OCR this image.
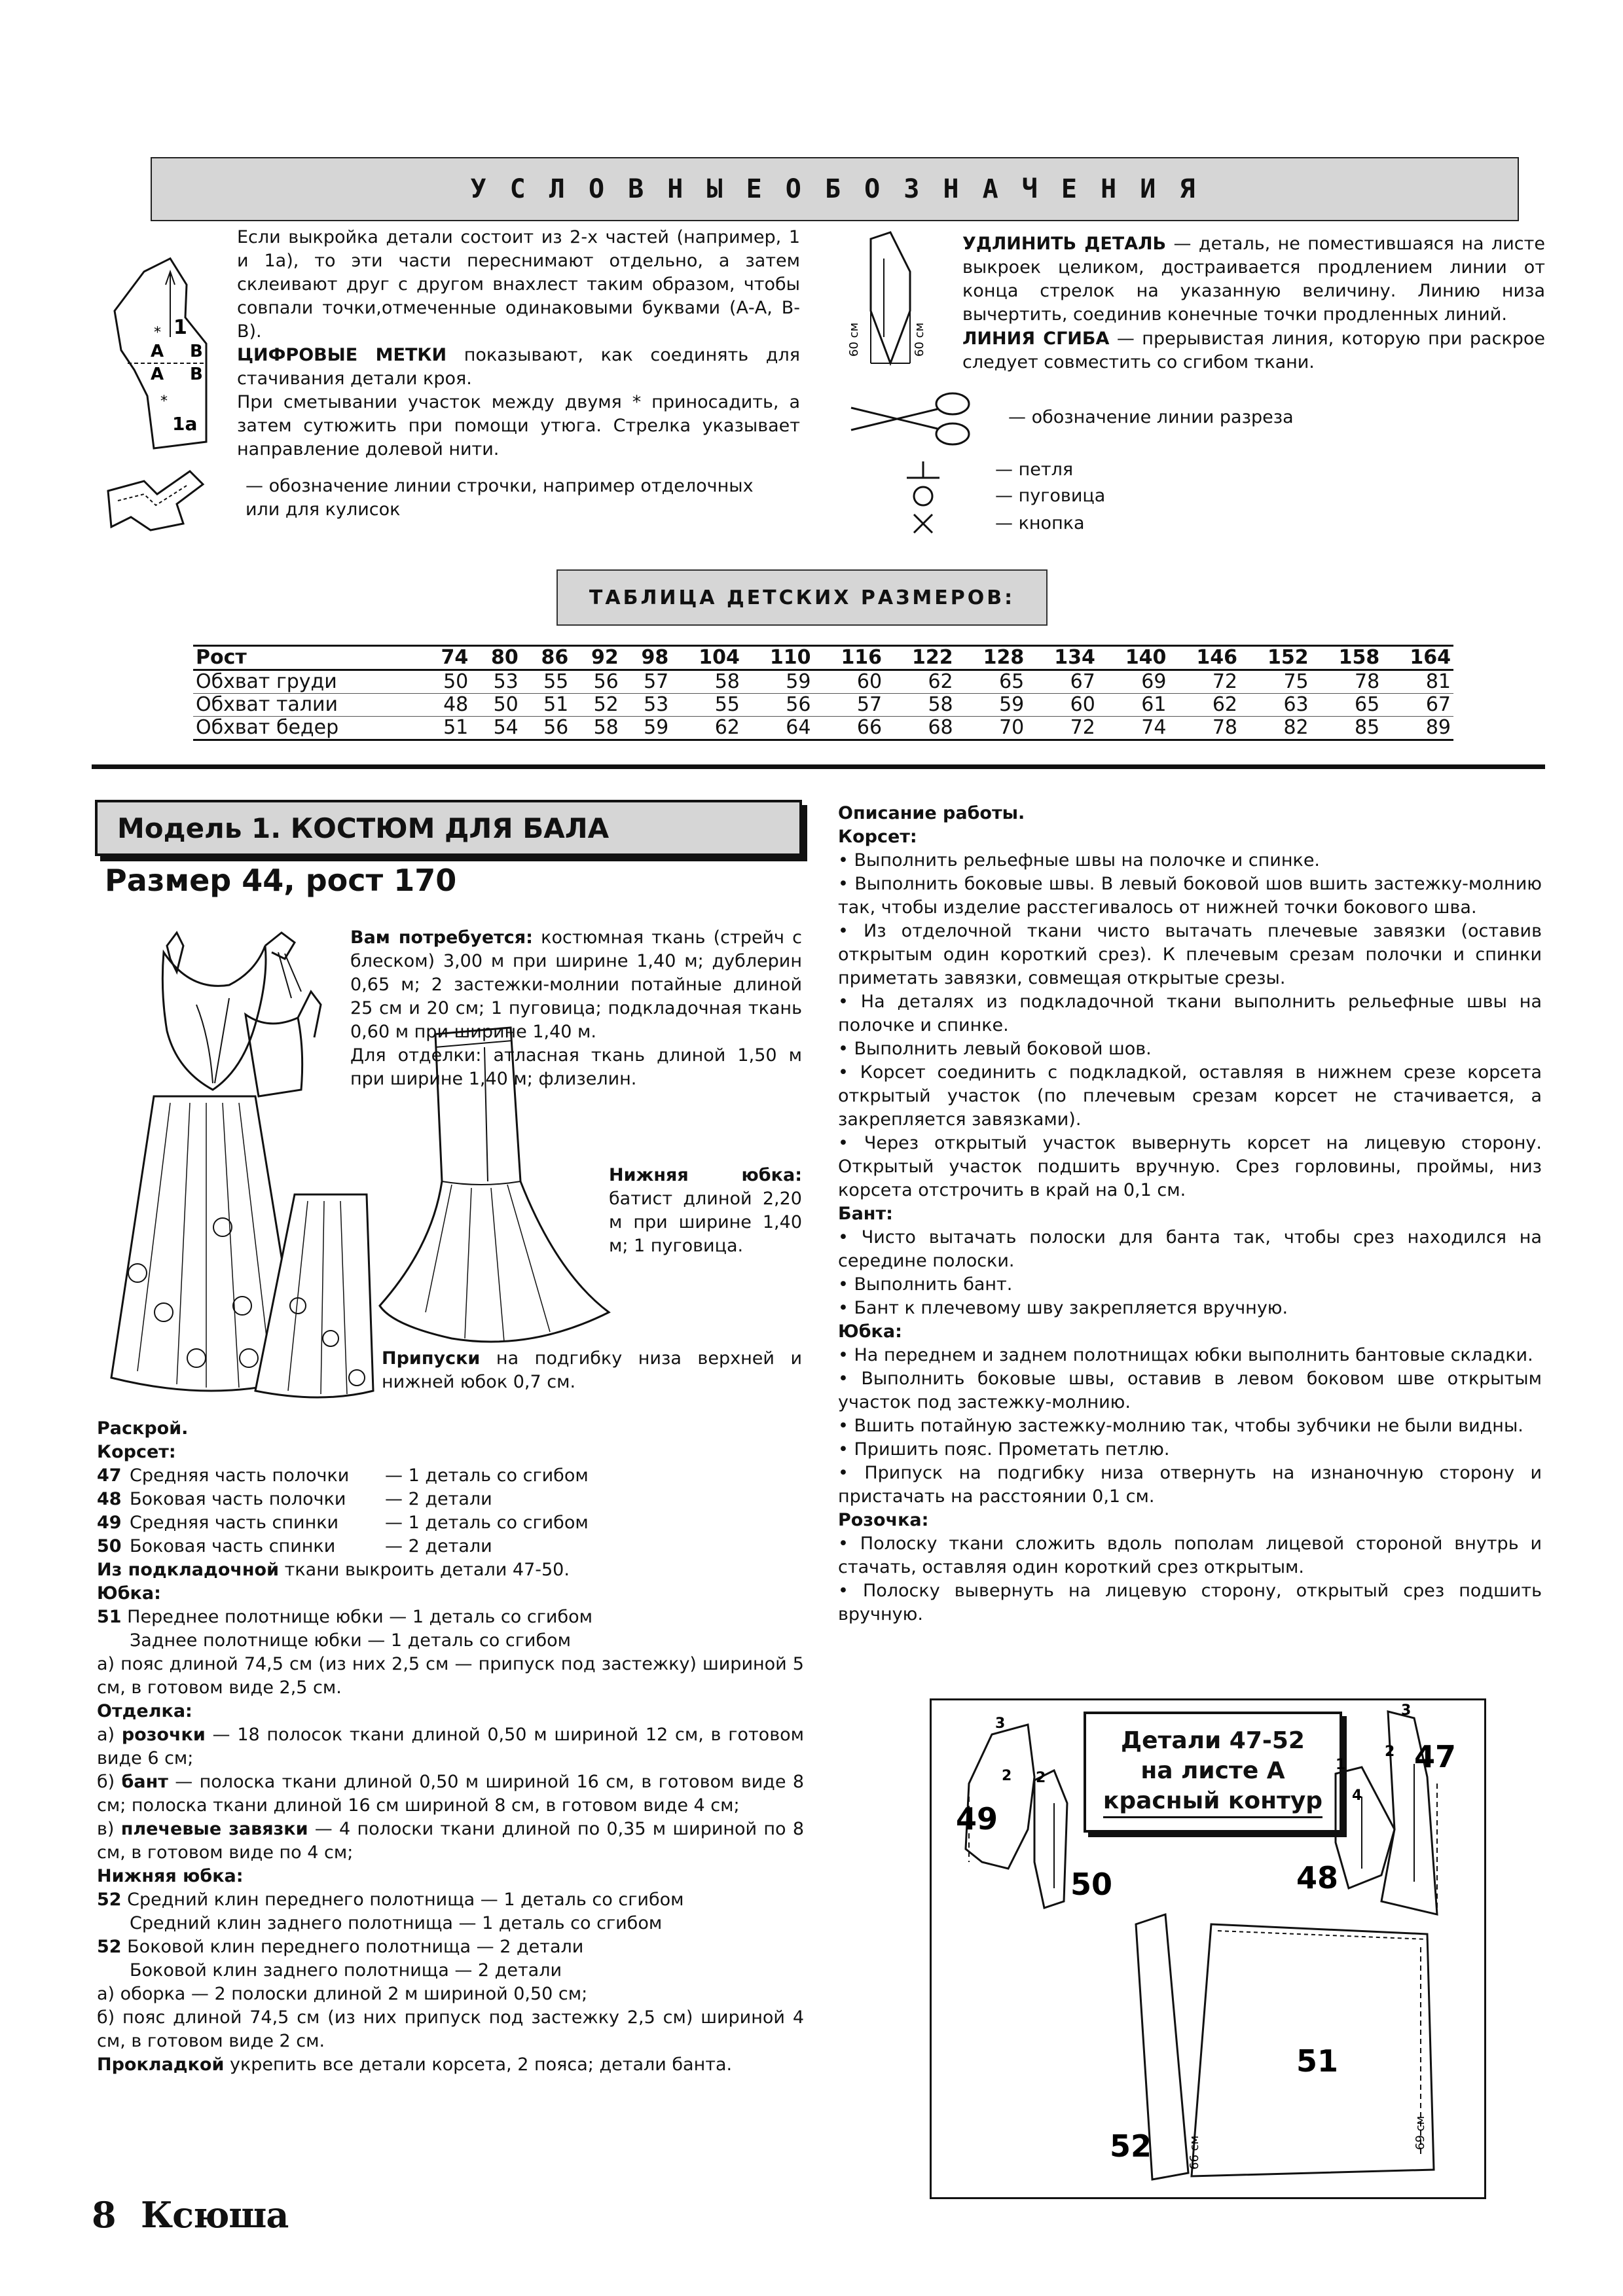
У С Л О В Н Ы Е О Б О З Н А Ч Е Н И Я
1
А В
А В
1а
*
*
Если выкройка детали состоит из 2-х частей (например, 1 и 1а), то эти части переснимают отдельно, а затем склеивают друг с другом внахлест таким образом, чтобы совпали точки,отмеченные одинаковыми буквами (А-А, В-В).
ЦИФРОВЫЕ МЕТКИ показывают, как соединять для стачивания детали кроя.
При сметывании участок между двумя * приносадить, а затем сутюжить при помощи утюга. Стрелка указывает направление долевой нити.
— обозначение линии строчки, например отделочных или для кулисок
60 см	60 см
УДЛИНИТЬ ДЕТАЛЬ — деталь, не поместившаяся на листе выкроек целиком, достраивается продлением линии от конца стрелок на указанную величину. Линию низа вычертить, соединив конечные точки продленных линий.
ЛИНИЯ СГИБА — прерывистая линия, которую при раскрое следует совместить со сгибом ткани.
— обозначение линии разреза
— петля
— пуговица
— кнопка
ТАБЛИЦА ДЕТСКИХ РАЗМЕРОВ:
Рост	74	80	86	92	98	104	110	116	122	128	134	140	146	152	158	164
Обхват груди	50	53	55	56	57	58	59	60	62	65	67	69	72	75	78	81
Обхват талии	48	50	51	52	53	55	56	57	58	59	60	61	62	63	65	67
Обхват бедер	51	54	56	58	59	62	64	66	68	70	72	74	78	82	85	89
Модель 1. КОСТЮМ ДЛЯ БАЛА
Размер 44, рост 170
Вам потребуется: костюмная ткань (стрейч с блеском) 3,00 м при ширине 1,40 м; дублерин 0,65 м; 2 застежки-молнии потайные длиной 25 см и 20 см; 1 пуговица; подкладочная ткань 0,60 м при ширине 1,40 м.
Для отделки: атласная ткань длиной 1,50 м при ширине 1,40 м; флизелин.
Нижняя юбка: батист длиной 2,20 м при ширине 1,40 м; 1 пуговица.
Припуски на подгибку низа верхней и нижней юбок 0,7 см.
Раскрой.
Корсет:
47 Средняя часть полочки	— 1 деталь со сгибом
48 Боковая часть полочки	— 2 детали
49 Средняя часть спинки	— 1 деталь со сгибом
50 Боковая часть спинки	— 2 детали
Из подкладочной ткани выкроить детали 47-50.
Юбка:
51 Переднее полотнище юбки — 1 деталь со сгибом
Заднее полотнище юбки — 1 деталь со сгибом
а) пояс длиной 74,5 см (из них 2,5 см — припуск под застежку) шириной 5 см, в готовом виде 2,5 см.
Отделка:
а) розочки — 18 полосок ткани длиной 0,50 м шириной 12 см, в готовом виде 6 см;
б) бант — полоска ткани длиной 0,50 м шириной 16 см, в готовом виде 8 см; полоска ткани длиной 16 см шириной 8 см, в готовом виде 4 см;
в) плечевые завязки — 4 полоски ткани длиной по 0,35 м шириной по 8 см, в готовом виде по 4 см;
Нижняя юбка:
52 Средний клин переднего полотнища — 1 деталь со сгибом
Средний клин заднего полотнища — 1 деталь со сгибом
52 Боковой клин переднего полотнища — 2 детали
Боковой клин заднего полотнища — 2 детали
а) оборка — 2 полоски длиной 2 м шириной 0,50 см;
б) пояс длиной 74,5 см (из них припуск под застежку 2,5 см) шириной 4 см, в готовом виде 2 см.
Прокладкой укрепить все детали корсета, 2 пояса; детали банта.
Описание работы.
Корсет:
• Выполнить рельефные швы на полочке и спинке.
• Выполнить боковые швы. В левый боковой шов вшить застежку-молнию так, чтобы изделие расстегивалось от нижней точки бокового шва.
• Из отделочной ткани чисто вытачать плечевые завязки (оставив открытым один короткий срез). К плечевым срезам полочки и спинки приметать завязки, совмещая открытые срезы.
• На деталях из подкладочной ткани выполнить рельефные швы на полочке и спинке.
• Выполнить левый боковой шов.
• Корсет соединить с подкладкой, оставляя в нижнем срезе корсета открытый участок (по плечевым срезам корсет не стачивается, а закрепляется завязками).
• Через открытый участок вывернуть корсет на лицевую сторону. Открытый участок подшить вручную. Срез горловины, проймы, низ корсета отстрочить в край на 0,1 см.
Бант:
• Чисто вытачать полоски для банта так, чтобы срез находился на середине полоски.
• Выполнить бант.
• Бант к плечевому шву закрепляется вручную.
Юбка:
• На переднем и заднем полотнищах юбки выполнить бантовые складки.
• Выполнить боковые швы, оставив в левом боковом шве открытым участок под застежку-молнию.
• Вшить потайную застежку-молнию так, чтобы зубчики не были видны.
• Пришить пояс. Прометать петлю.
• Припуск на подгибку низа отвернуть на изнаночную сторону и пристачать на расстоянии 0,1 см.
Розочка:
• Полоску ткани сложить вдоль пополам лицевой стороной внутрь и стачать, оставляя один короткий срез открытым.
• Полоску вывернуть на лицевую сторону, открытый срез подшить вручную.
Детали 47-52
на листе А
красный контур
49
50
52
51
48
47
3
2 2
3
1
2
4
66 см
69 см
8 Ксюша
